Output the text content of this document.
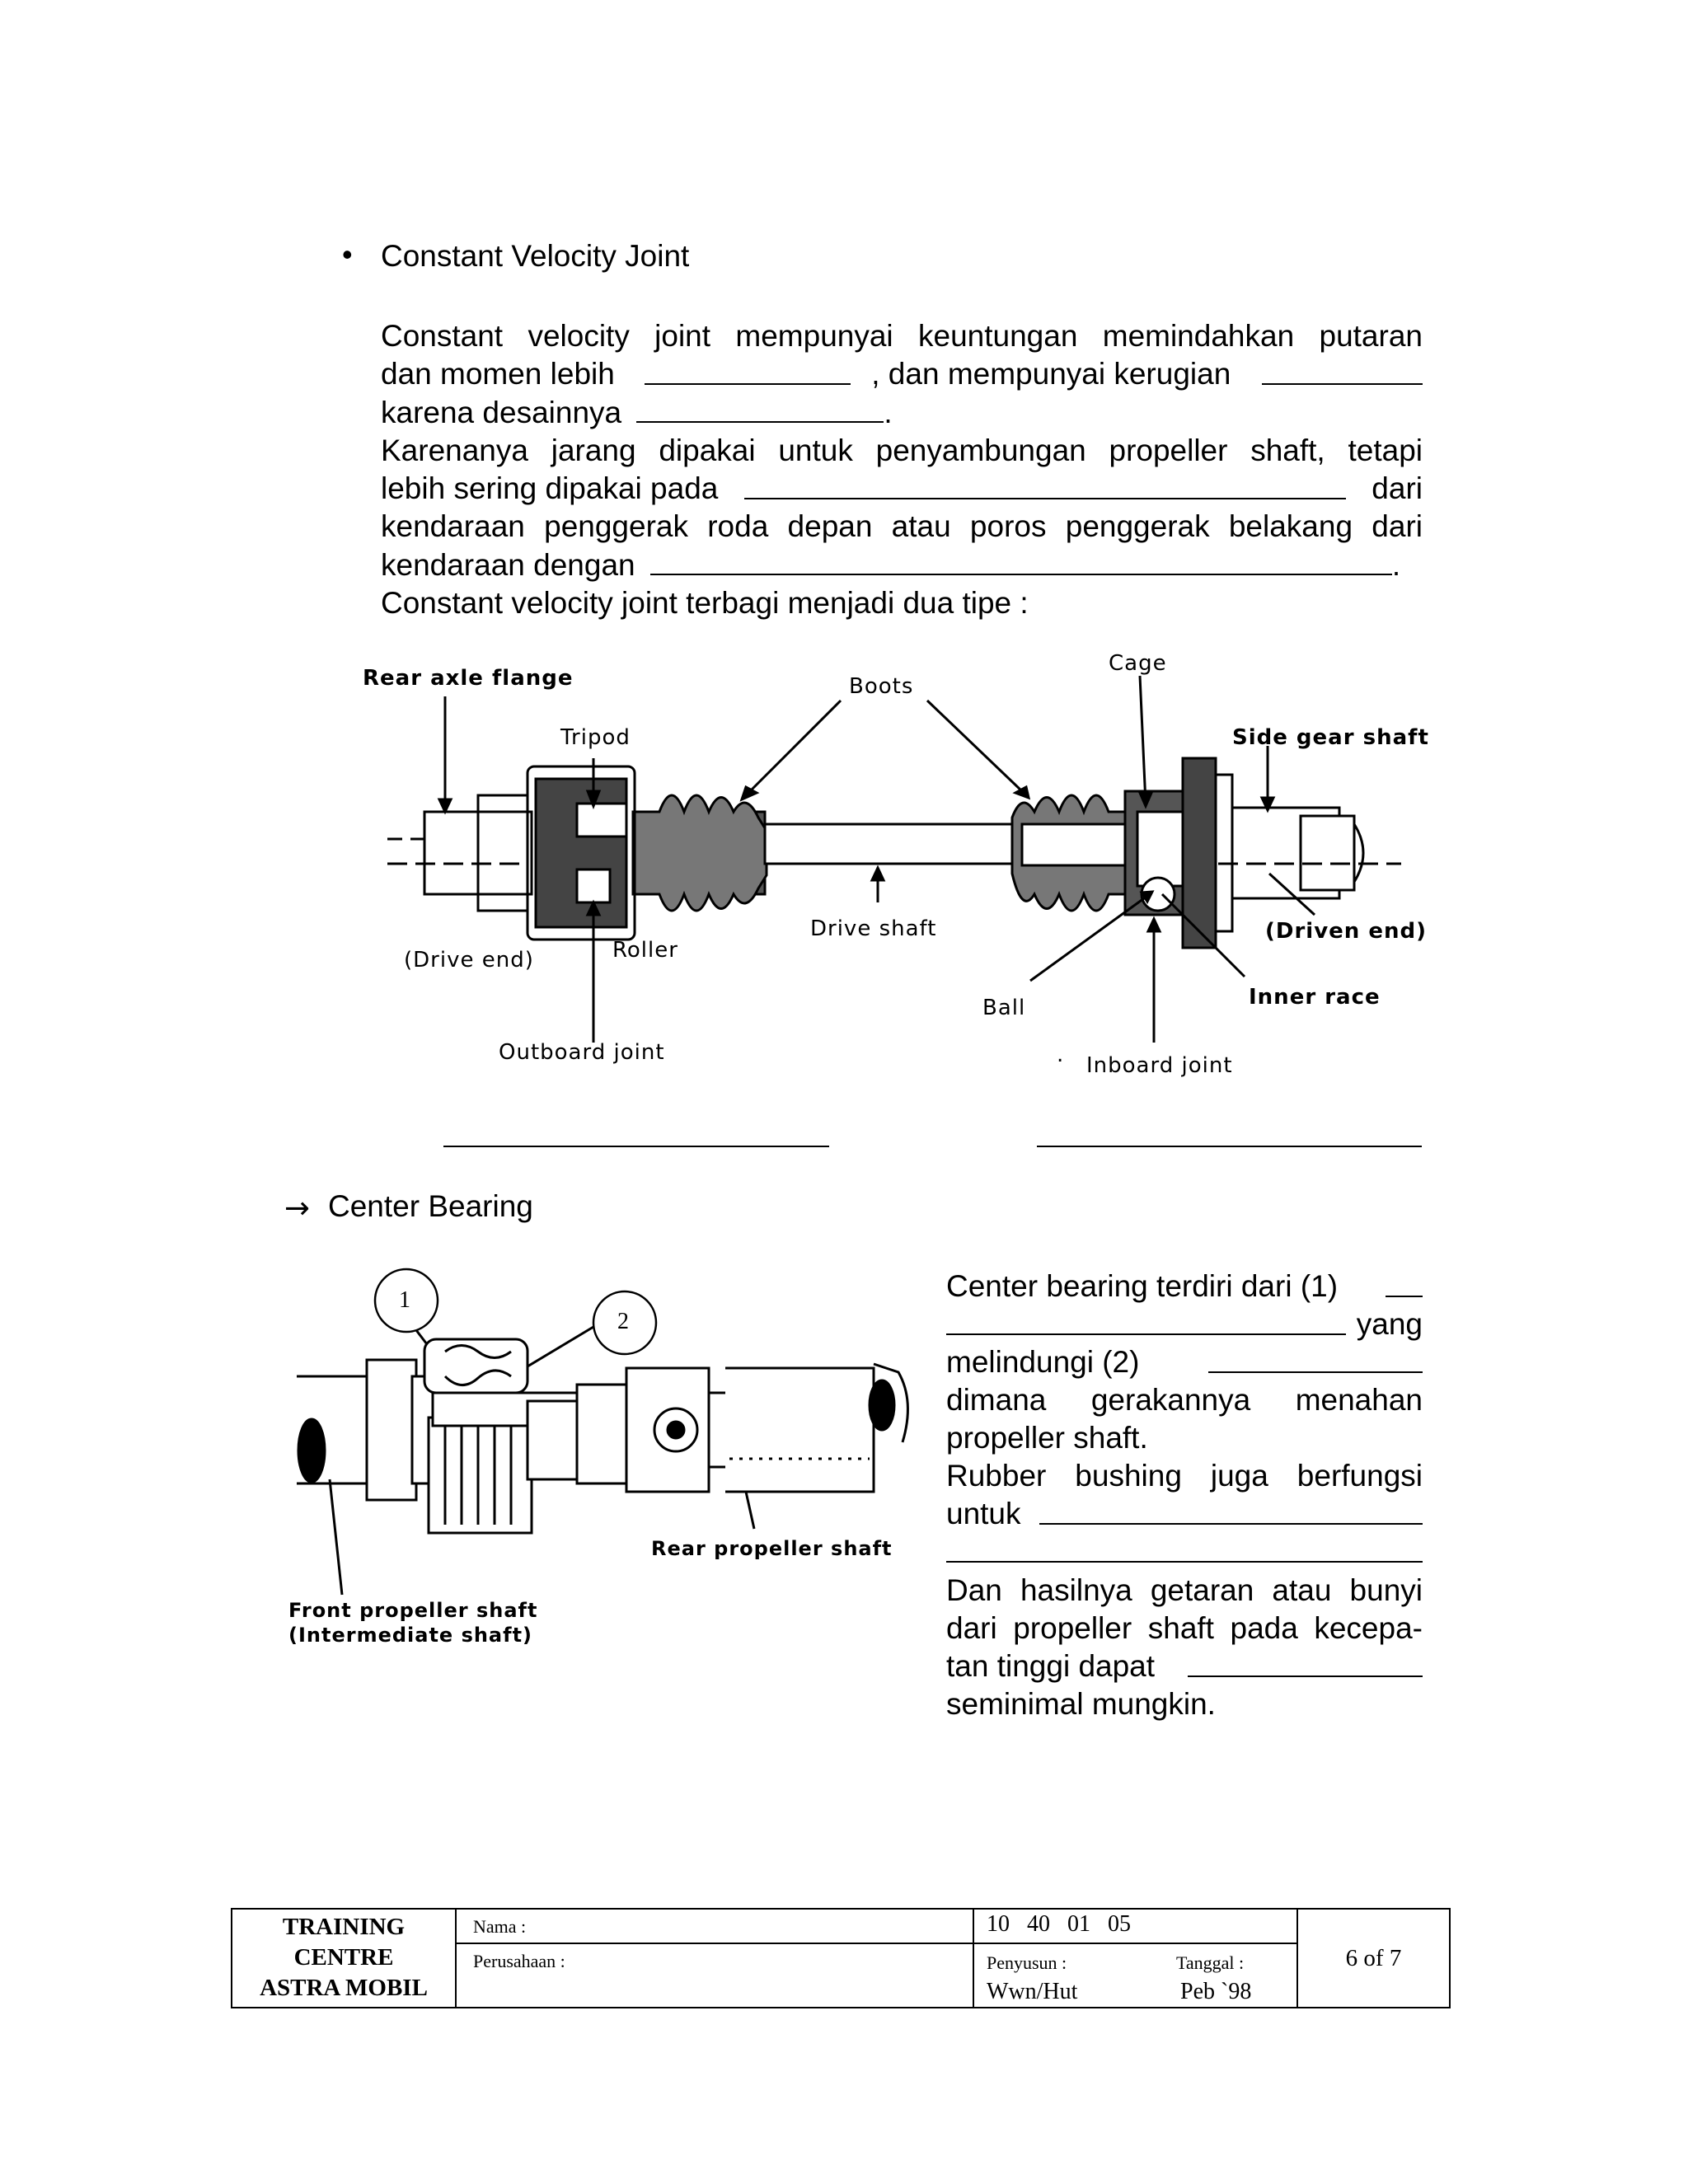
• Constant Velocity Joint
Constant velocity joint mempunyai keuntungan memindahkan putaran
dan momen lebih	, dan mempunyai kerugian
karena desainnya	.
Karenanya jarang dipakai untuk penyambungan propeller shaft, tetapi
lebih sering dipakai pada	dari
kendaraan penggerak roda depan atau poros penggerak belakang dari
kendaraan dengan	.
Constant velocity joint terbagi menjadi dua tipe :
Rear axle flange
Tripod
Boots
Cage
Side gear shaft
(Drive end)	Roller
Drive shaft	(Driven end)
Ball	Inner race
Outboard joint	. Inboard joint
→ Center Bearing
1
2
Rear propeller shaft
Front propeller shaft
(Intermediate shaft)
Center bearing terdiri dari (1)
yang
melindungi (2)
dimana gerakannya menahan
propeller shaft.
Rubber bushing juga berfungsi
untuk
Dan hasilnya getaran atau bunyi
dari propeller shaft pada kecepa-
tan tinggi dapat
seminimal mungkin.
TRAINING
CENTRE
ASTRA MOBIL
Nama :
Perusahaan :
10   40   01   05
Penyusun :	Tanggal :
Wwn/Hut	Peb `98
6 of 7
